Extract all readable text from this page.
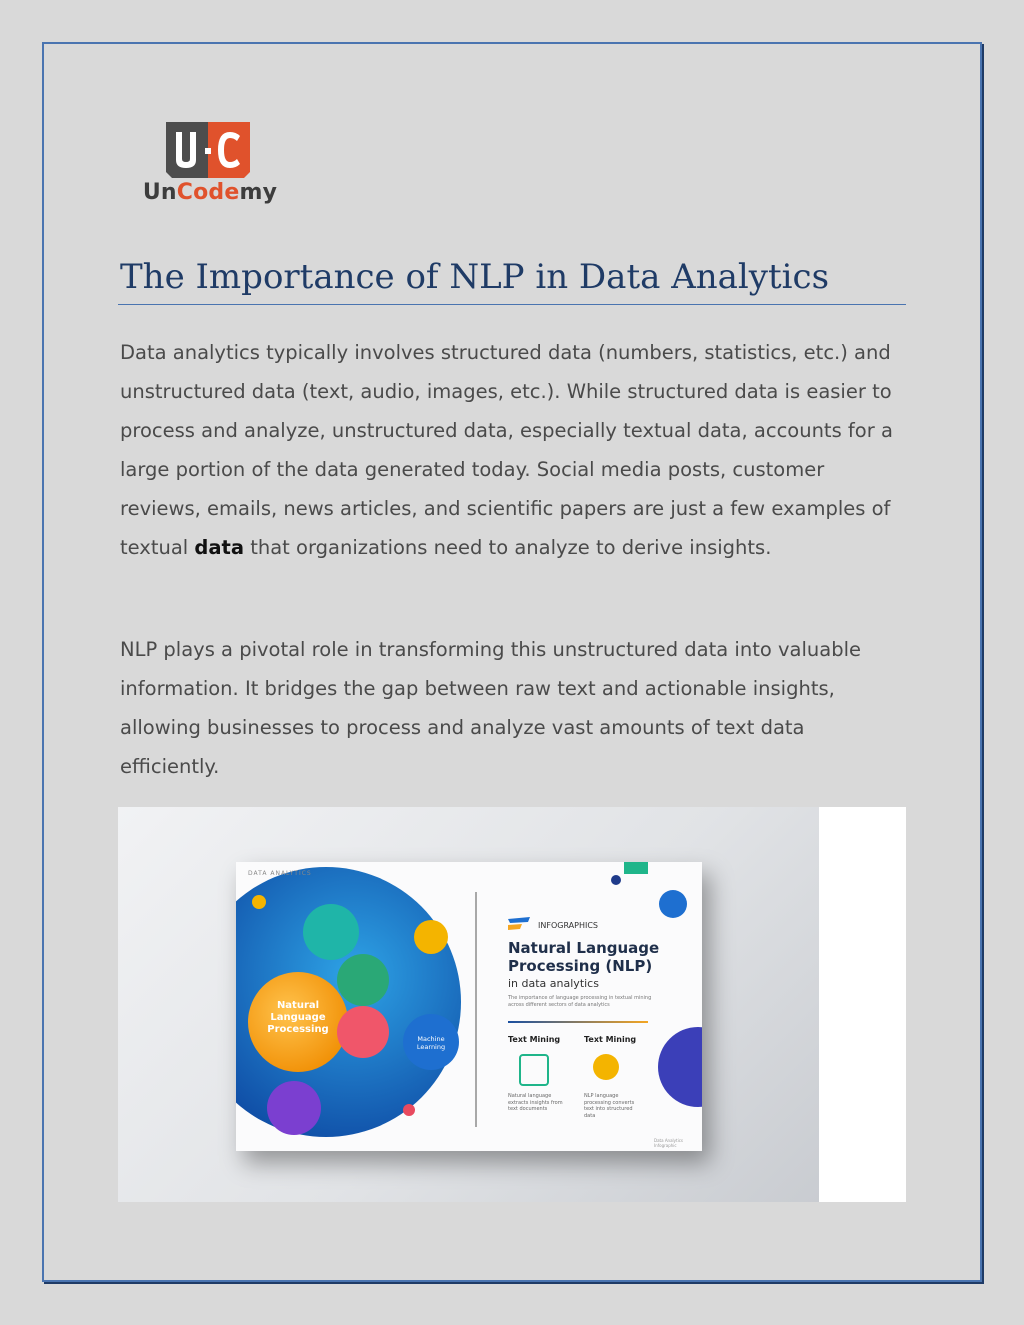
UnCodemy
The Importance of NLP in Data Analytics

Data analytics typically involves structured data (numbers, statistics, etc.) and unstructured data (text, audio, images, etc.). While structured data is easier to process and analyze, unstructured data, especially textual data, accounts for a large portion of the data generated today. Social media posts, customer reviews, emails, news articles, and scientific papers are just a few examples of textual data that organizations need to analyze to derive insights.

NLP plays a pivotal role in transforming this unstructured data into valuable information. It bridges the gap between raw text and actionable insights, allowing businesses to process and analyze vast amounts of text data efficiently.

DATA ANALYTICS
Natural Language Processing
Machine Learning
INFOGRAPHICS
Natural Language Processing (NLP)
in data analytics
The importance of language processing in textual mining across different sectors of data analytics
Text Mining	Text Mining
Natural language extracts insights from text documents
NLP language processing converts text into structured data
Data Analytics Infographic
